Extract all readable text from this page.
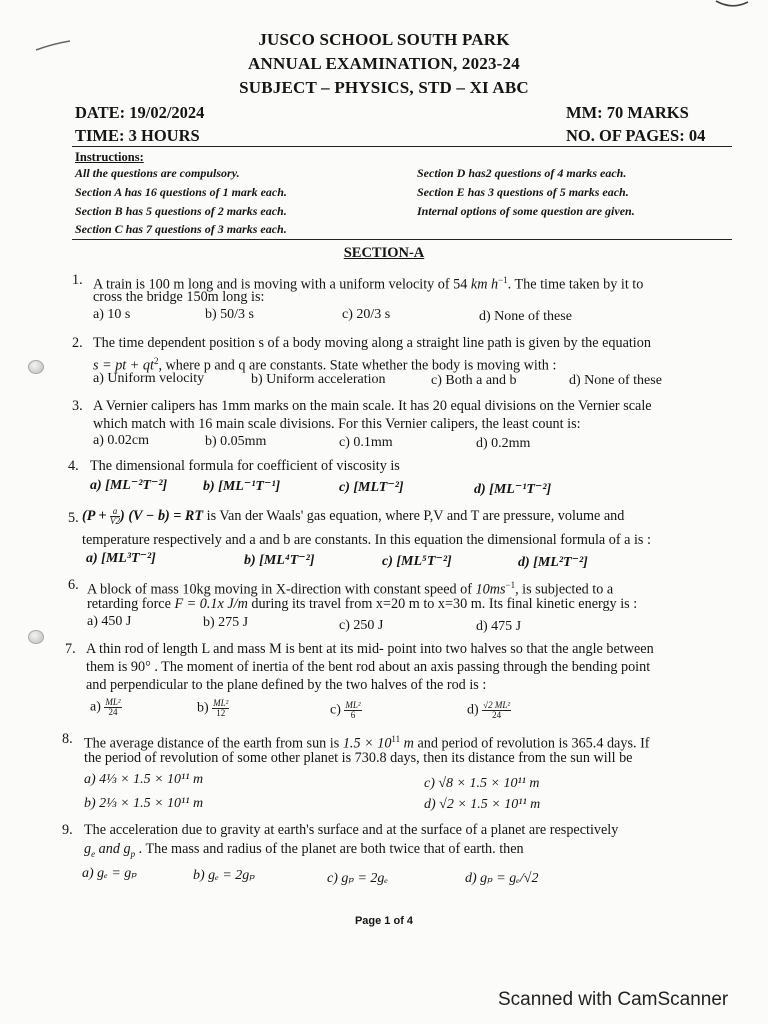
JUSCO SCHOOL SOUTH PARK
ANNUAL EXAMINATION, 2023-24
SUBJECT – PHYSICS, STD – XI ABC
DATE: 19/02/2024
TIME: 3 HOURS
MM: 70 MARKS
NO. OF PAGES: 04
Instructions:
All the questions are compulsory.
Section A has 16 questions of 1 mark each.
Section B has 5 questions of 2 marks each.
Section C has 7 questions of 3 marks each.
Section D has2 questions of 4 marks each.
Section E has 3 questions of 5 marks each.
Internal options of some question are given.
SECTION-A
1. A train is 100 m long and is moving with a uniform velocity of 54 km $h^{-1}$. The time taken by it to
cross the bridge 150m long is:
a) 10 s	b) 50/3 s	c) 20/3 s	d) None of these
2. The time dependent position s of a body moving along a straight line path is given by the equation
s = pt + $qt^2$, where p and q are constants. State whether the body is moving with :
a) Uniform velocity	b) Uniform acceleration	c) Both a and b	d) None of these
3. A Vernier calipers has 1mm marks on the main scale. It has 20 equal divisions on the Vernier scale
which match with 16 main scale divisions. For this Vernier calipers, the least count is:
a) 0.02cm	b) 0.05mm	c) 0.1mm	d) 0.2mm
4. The dimensional formula for coefficient of viscosity is
a) [ML⁻²T⁻²]	b) [ML⁻¹T⁻¹]	c) [MLT⁻²]	d) [ML⁻¹T⁻²]
5. ($P + \frac{a}{V2}$ ) (V − b) = RT is Van der Waals' gas equation, where P,V and T are pressure, volume and
temperature respectively and a and b are constants. In this equation the dimensional formula of a is :
a) [ML³T⁻²]	b) [ML⁴T⁻²]	c) [ML⁵T⁻²]	d) [ML²T⁻²]
6. A block of mass 10kg moving in X-direction with constant speed of $10ms^{-1}$, is subjected to a
retarding force F = 0.1x J/m during its travel from x=20 m to x=30 m. Its final kinetic energy is :
a) 450 J	b) 275 J	c) 250 J	d) 475 J
7. A thin rod of length L and mass M is bent at its mid- point into two halves so that the angle between
them is 90° . The moment of inertia of the bent rod about an axis passing through the bending point
and perpendicular to the plane defined by the two halves of the rod is :
$a) \frac{\text{ML²}}{24}$	$b) \frac{\text{ML²}}{12}$	$c) \frac{\text{ML²}}{6}$	$d) \frac{\text{√2 ML²}}{24}$
8. The average distance of the earth from sun is $1.5 \times 10^{11}$ m and period of revolution is 365.4 days. If
the period of revolution of some other planet is 730.8 days, then its distance from the sun will be
a) 4⅓ × 1.5 × 10¹¹ m	c) √8 × 1.5 × 10¹¹ m
b) 2⅓ × 1.5 × 10¹¹ m	d) √2 × 1.5 × 10¹¹ m
9. The acceleration due to gravity at earth's surface and at the surface of a planet are respectively
$g_e$ and $g_p$ . The mass and radius of the planet are both twice that of earth. then
a) gₑ = gₚ	b) gₑ = 2gₚ	c) gₚ = 2gₑ	d) gₚ = gₑ/√2
Page 1 of 4
Scanned with CamScanner
